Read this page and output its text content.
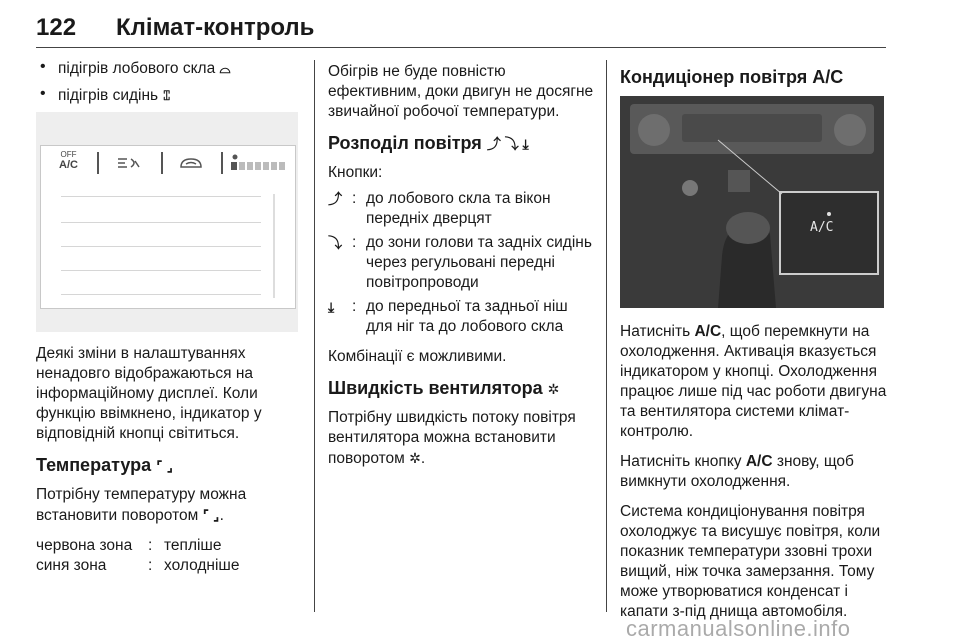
122 Клімат-контроль
• підігрів лобового скла ⌓
• підігрів сидінь ⑄
OFF
A/C

Деякі зміни в налаштуваннях ненадовго відображаються на інформаційному дисплеї. Коли функцію ввімкнено, індикатор у відповідній кнопці світиться.

Температура ⌜ ⌟

Потрібну температуру можна встановити поворотом ⌜ ⌟.

червона зона	: тепліше
синя зона	: холодніше

Обігрів не буде повністю ефективним, доки двигун не досягне звичайної робочої температури.

Розподіл повітря ⤴ ⤵ ⤓

Кнопки:

⤴ : до лобового скла та вікон передніх дверцят
⤵ : до зони голови та задніх сидінь через регульовані передні повітропроводи
⤓	: до передньої та задньої ніш для ніг та до лобового скла

Комбінації є можливими.

Швидкість вентилятора ✲

Потрібну швидкість потоку повітря вентилятора можна встановити поворотом ✲.

Кондиціонер повітря A/C
A/C

Натисніть A/C, щоб перемкнути на охолодження. Активація вказується індикатором у кнопці. Охолодження працює лише під час роботи двигуна та вентилятора системи клімат-контролю.

Натисніть кнопку A/C знову, щоб вимкнути охолодження.

Система кондиціонування повітря охолоджує та висушує повітря, коли показник температури ззовні трохи вищий, ніж точка замерзання. Тому може утворюватися конденсат і капати з-під днища автомобіля.

carmanualsonline.info
